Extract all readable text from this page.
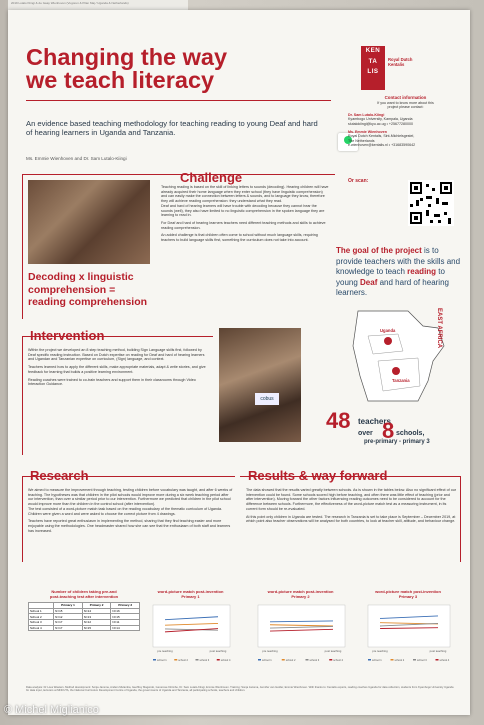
2019 Lutalo Klingi & de Gaay Wienhoven (Vugoren & Pilan Maj / Uganda & Netherlands)
Changing the way
we teach literacy
An evidence based teaching methodology for teaching reading to young Deaf and hard of hearing learners in Uganda and Tanzania.
Ms. Emmie Wienhoven and Dr. Sam Lutalo-Kiingi
KEN
TA
LIS
Royal Dutch
Kentalis
Contact information
If you want to know more about this
project please contact:
Dr. Sam Lutalo-Kiingi
Kyambogo University, Kampala, Uganda
slutalokiingi@kyu.ac.ug • +25677280000
Ms. Emmie Wienhoven
Royal Dutch Kentalis, Sint-Michielsgestel,
The Netherlands
e.wienhoven@kentalis.nl • +31683590642
Or scan:
Challenge
Teaching reading is based on the skill of linking letters to sounds (decoding). Hearing children will have already acquired their home language when they enter school (they have linguistic comprehension) and can easily make the connection between letters & sounds, and to language they know, therefore they will achieve reading comprehension: they understand what they read.
Deaf and hard of hearing learners will have trouble with decoding because they cannot hear the sounds (well), they also have limited to no linguistic comprehension in the spoken language they are learning to read in.
For Deaf and hard of hearing learners teachers need different teaching methods and skills to achieve reading comprehension.
An added challenge is that children often come to school without much language skills, requiring teachers to build language skills first, something the curriculum does not take into account.
Decoding x linguistic
comprehension =
reading comprehension
The goal of the project is to provide teachers with the skills and knowledge to teach reading to young Deaf and hard of hearing learners.
Uganda
Tanzania
EAST AFRICA
48 teachers
8
over	schools,
pre-primary - primary 3
Intervention
Within the project we developed an 8 step teaching method, building Sign Language skills first, followed by Deaf specific reading instruction. Based on Dutch expertise on reading for Deaf and hard of hearing learners and Ugandan and Tanzanian expertise on curriculum, (Sign) language, and context.
Teachers learned how to apply the different skills, make appropriate materials, adapt & write stories, and give feedback for learning that builds a positive learning environment.
Reading coaches were trained to co-train teachers and support them in their classrooms through Video Interaction Guidance.
cobus
Research
We aimed to measure the improvement through teaching, testing children before vocabulary was taught, and after 6 weeks of teaching. The hypotheses was that children in the pilot schools would improve more during a six week teaching period after our intervention, than over a similar period prior to our intervention. Furthermore we predicted that children in the pilot school would improve more than the children in the control school (after intervention).
The test consisted of a word-picture match task based on the reading vocabulary of the thematic curriculum of Uganda. Children were given a word and were asked to choose the correct picture from 4 drawings.
Teachers have reported great enthusiasm in implementing the method, sharing that they find teaching easier and more enjoyable using the methodologies. One headmaster shared how she can see that the enthusiasm of both staff and learners has increased.
Results & way forward
The data showed that the results varied greatly between schools. As is shown in the tables below. Also no significant effect of our intervention could be found. Some schools scored high before teaching, and often there was little effect of teaching (prior and after intervention). Moving forward the other factors influencing reading outcomes need to be considered to account for the difference between schools. Furthermore, the effectiveness of the word-picture match test as a measuring instrument, in its current form should be re-evaluated.
At this point only children in Uganda are tested. The research in Tanzania is set to take place is September – December 2019, at which point also teacher observations will be analysed for both countries, to look at teacher skill, attitude, and behaviour change.
Number of children taking pre-and
post-teaching test after intervention
	Primary 1	Primary 2	Primary 3
School 1	N=15	N=14	N=16
School 2	N=12	N=13	N=15
School 3	N=17	N=12	N=11
School 4	N=17	N=15	N=14
word-picture match post-invention
Primary 1
school 1	school 2	school 3	school 4
pre teaching	post teaching
word-picture match post-invention
Primary 2
school 1	school 2	school 3	school 4
pre teaching	post teaching
word-picture match post-invention
Primary 3
school 1	school 2	school 3	school 4
pre teaching	post teaching
Data analysis: Dr Loes Wauters. Method development: Sonja Jansma, Anders Mulamba, Geoffrey Magondo, Generose Kiirimbe, Dr. Sam Lutalo-Kiingi, Emmie Wienhoven. Training: Sonja Jansma, Jennifer van Gelder, Emmie Wienhoven. With thanks to: Kentalis experts, reading coaches Uganda for data collection, students from Kyambogo University Uganda for data input, lecturers at MNCUTA, the National Curriculum Development Centre of Uganda, the governments of Uganda and Tanzania, all participating schools, teachers and children.
© Michel Miglianico
